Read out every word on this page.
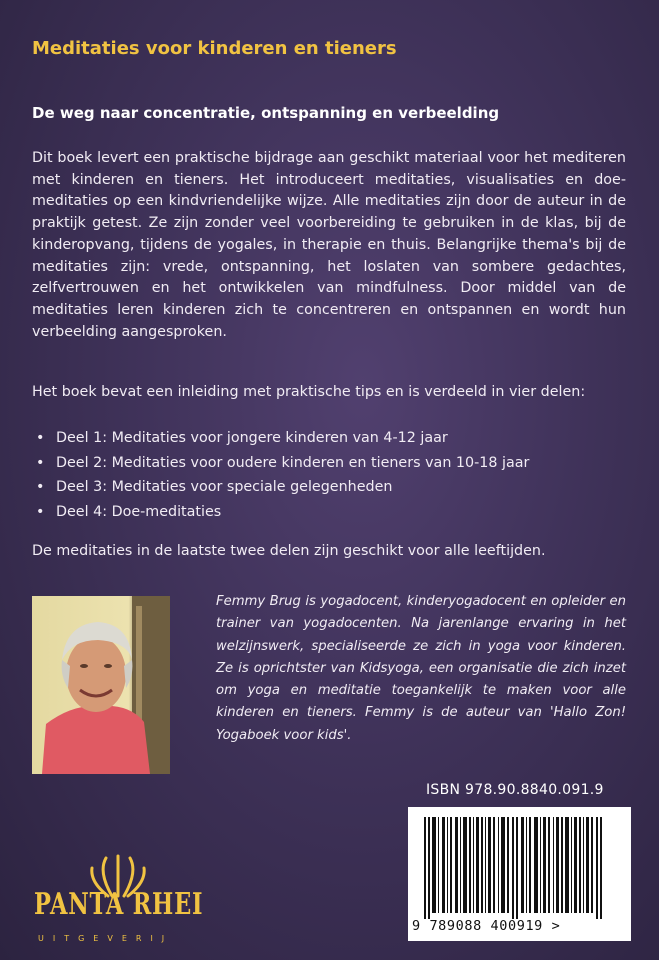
Meditaties voor kinderen en tieners
De weg naar concentratie, ontspanning en verbeelding

Dit boek levert een praktische bijdrage aan geschikt materiaal voor het mediteren met kinderen en tieners. Het introduceert meditaties, visualisaties en doe-meditaties op een kindvriendelijke wijze. Alle meditaties zijn door de auteur in de praktijk getest. Ze zijn zonder veel voorbereiding te gebruiken in de klas, bij de kinderopvang, tijdens de yogales, in therapie en thuis. Belangrijke thema's bij de meditaties zijn: vrede, ontspanning, het loslaten van sombere gedachtes, zelfvertrouwen en het ontwikkelen van mindfulness. Door middel van de meditaties leren kinderen zich te concentreren en ontspannen en wordt hun verbeelding aangesproken.

Het boek bevat een inleiding met praktische tips en is verdeeld in vier delen:

• Deel 1: Meditaties voor jongere kinderen van 4-12 jaar
• Deel 2: Meditaties voor oudere kinderen en tieners van 10-18 jaar
• Deel 3: Meditaties voor speciale gelegenheden
• Deel 4: Doe-meditaties

De meditaties in de laatste twee delen zijn geschikt voor alle leeftijden.

Femmy Brug is yogadocent, kinderyogadocent en opleider en trainer van yogadocenten. Na jarenlange ervaring in het welzijnswerk, specialiseerde ze zich in yoga voor kinderen. Ze is oprichtster van Kidsyoga, een organisatie die zich inzet om yoga en meditatie toegankelijk te maken voor alle kinderen en tieners. Femmy is de auteur van 'Hallo Zon! Yogaboek voor kids'.

ISBN 978.90.8840.091.9
9 789088 400919 >
PANTA RHEI
UITGEVERIJ
